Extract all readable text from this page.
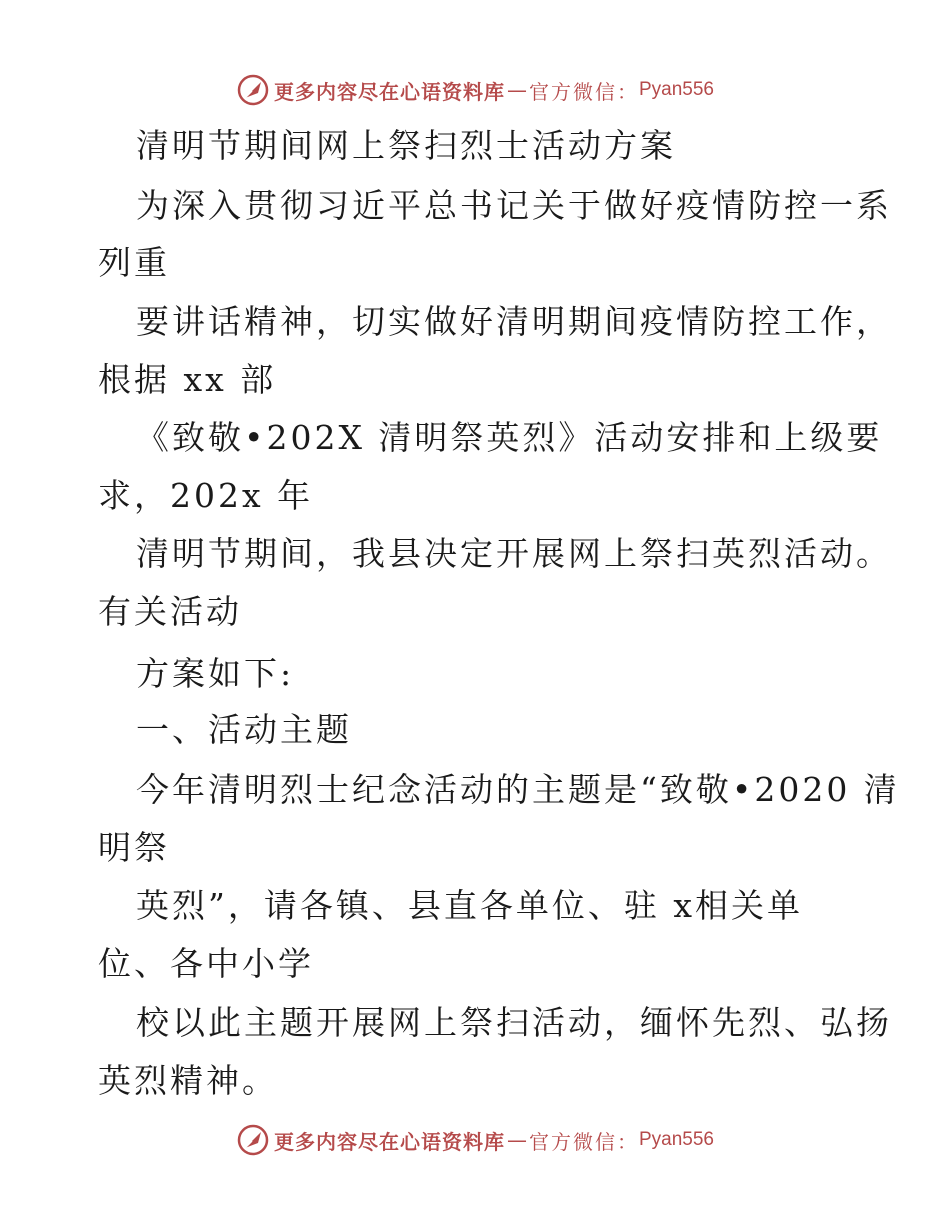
更多内容尽在心语资料库 — 官方微信： Pyan556
清明节期间网上祭扫烈士活动方案
为深入贯彻习近平总书记关于做好疫情防控一系
列重
要讲话精神，切实做好清明期间疫情防控工作，
根据 xx 部
《致敬•202X 清明祭英烈》活动安排和上级要
求，202x 年
清明节期间，我县决定开展网上祭扫英烈活动。
有关活动
方案如下:
一、活动主题
今年清明烈士纪念活动的主题是“致敬•2020 清
明祭
英烈”，请各镇、县直各单位、驻 x相关单
位、各中小学
校以此主题开展网上祭扫活动，缅怀先烈、弘扬
英烈精神。
更多内容尽在心语资料库 — 官方微信： Pyan556
